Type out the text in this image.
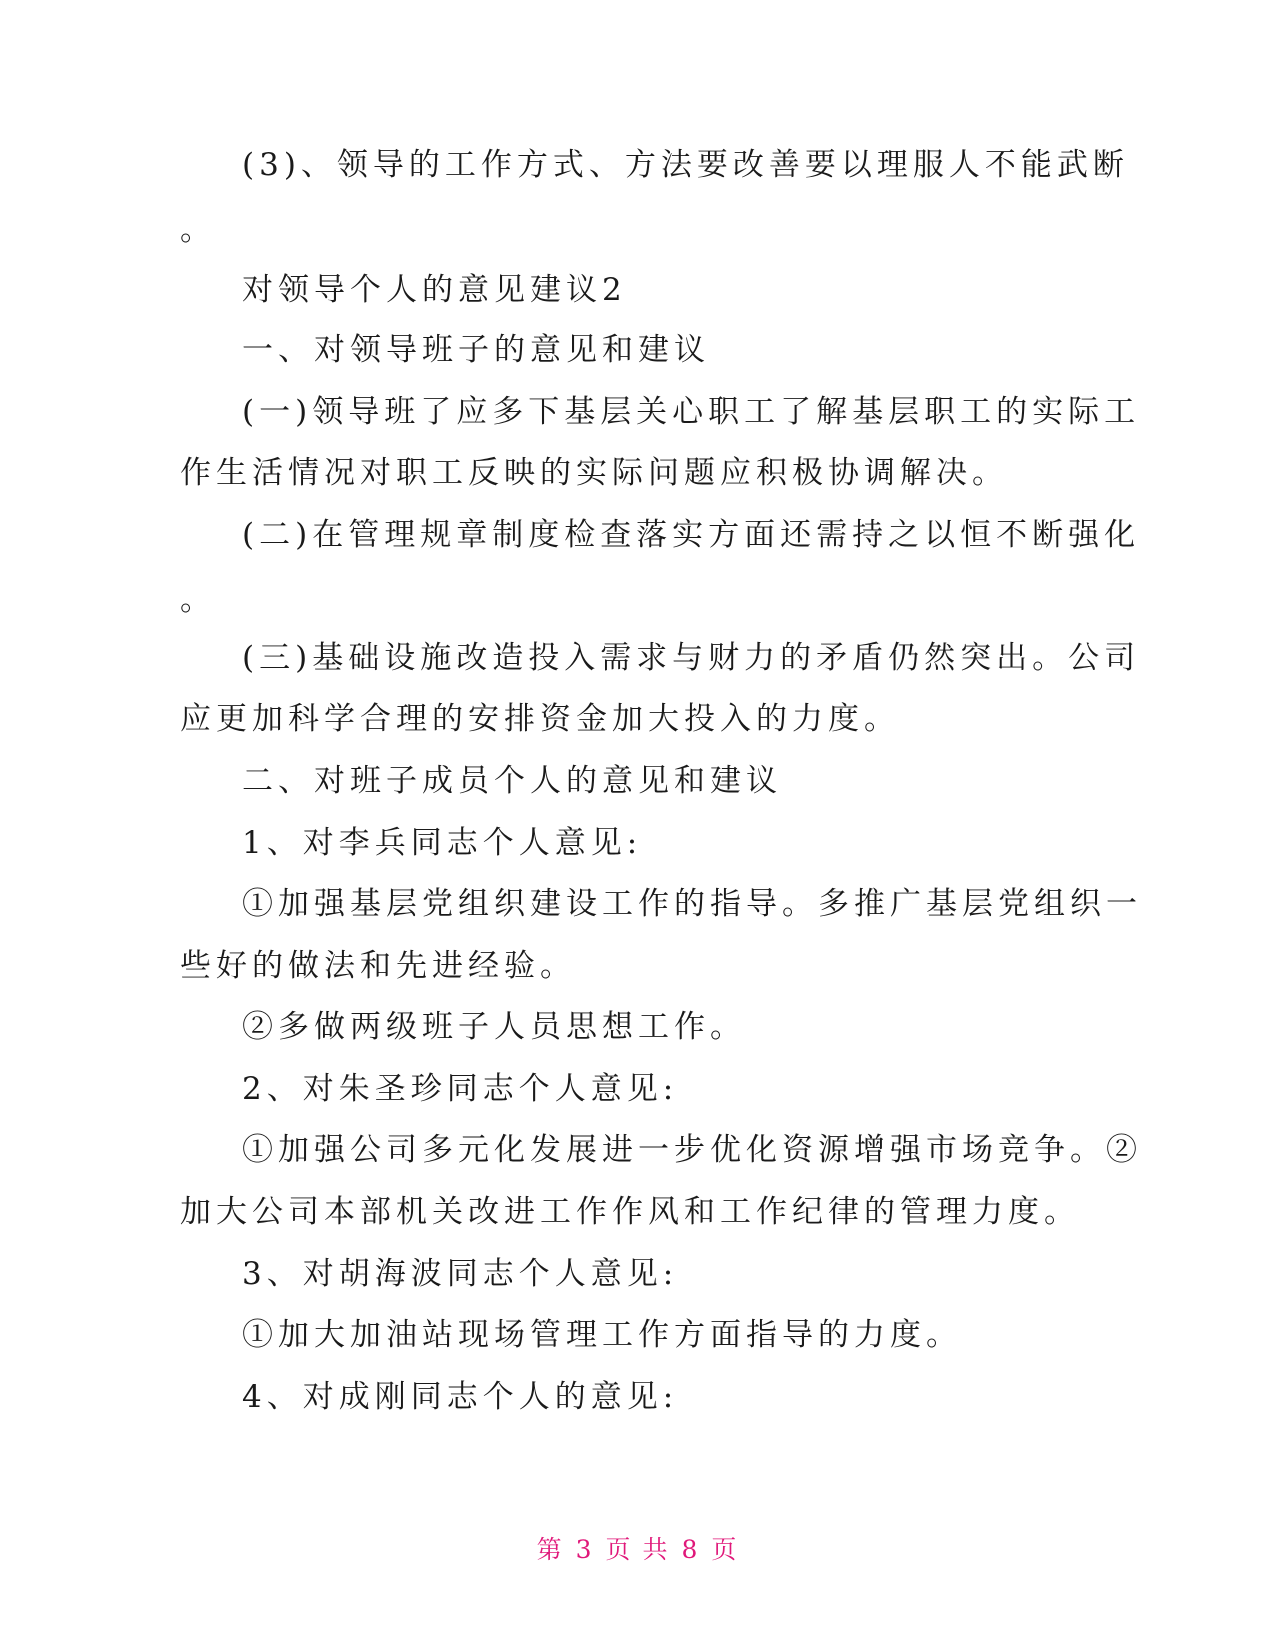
(3)、领导的工作方式、方法要改善要以理服人不能武断
。
对领导个人的意见建议2
一、对领导班子的意见和建议
(一)领导班了应多下基层关心职工了解基层职工的实际工
作生活情况对职工反映的实际问题应积极协调解决。
(二)在管理规章制度检查落实方面还需持之以恒不断强化
。
(三)基础设施改造投入需求与财力的矛盾仍然突出。公司
应更加科学合理的安排资金加大投入的力度。
二、对班子成员个人的意见和建议
1、对李兵同志个人意见:
①加强基层党组织建设工作的指导。多推广基层党组织一
些好的做法和先进经验。
②多做两级班子人员思想工作。
2、对朱圣珍同志个人意见:
①加强公司多元化发展进一步优化资源增强市场竞争。②
加大公司本部机关改进工作作风和工作纪律的管理力度。
3、对胡海波同志个人意见:
①加大加油站现场管理工作方面指导的力度。
4、对成刚同志个人的意见:
第 3 页 共 8 页
